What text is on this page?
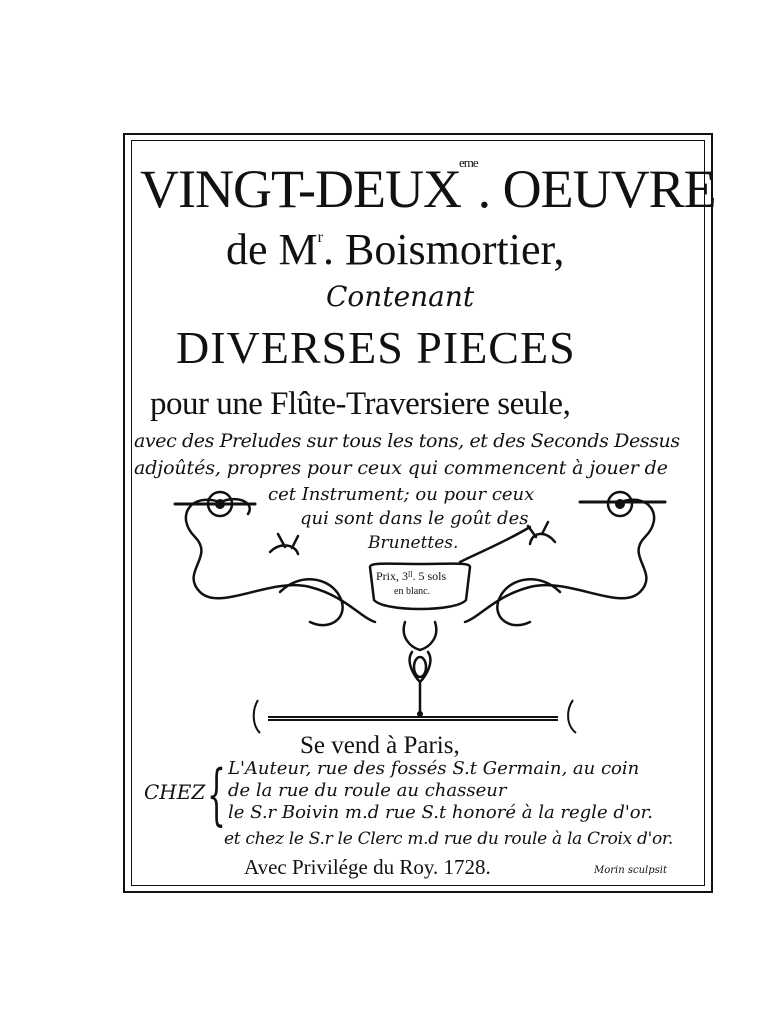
VINGT-$DEUX^{eme}$. OEUVRE
de $M^r$. Boismortier,
Contenant
DIVERSES PIECES
pour une Flûte-Traversiere seule,
avec des Preludes sur tous les tons, et des Seconds Dessus
adjoûtés, propres pour ceux qui commencent à jouer de
cet Instrument; ou pour ceux
qui sont dans le goût des
Brunettes.
Prix, $3^{ll}$. 5 sols
en blanc.
Se vend à Paris,
CHEZ { L'Auteur, rue des fossés S.t Germain, au coin
de la rue du roule au chasseur
le S.r Boivin m.d rue S.t honoré à la regle d'or.
et chez le S.r le Clerc m.d rue du roule à la Croix d'or.
Avec Privilége du Roy. 1728.	Morin sculpsit
